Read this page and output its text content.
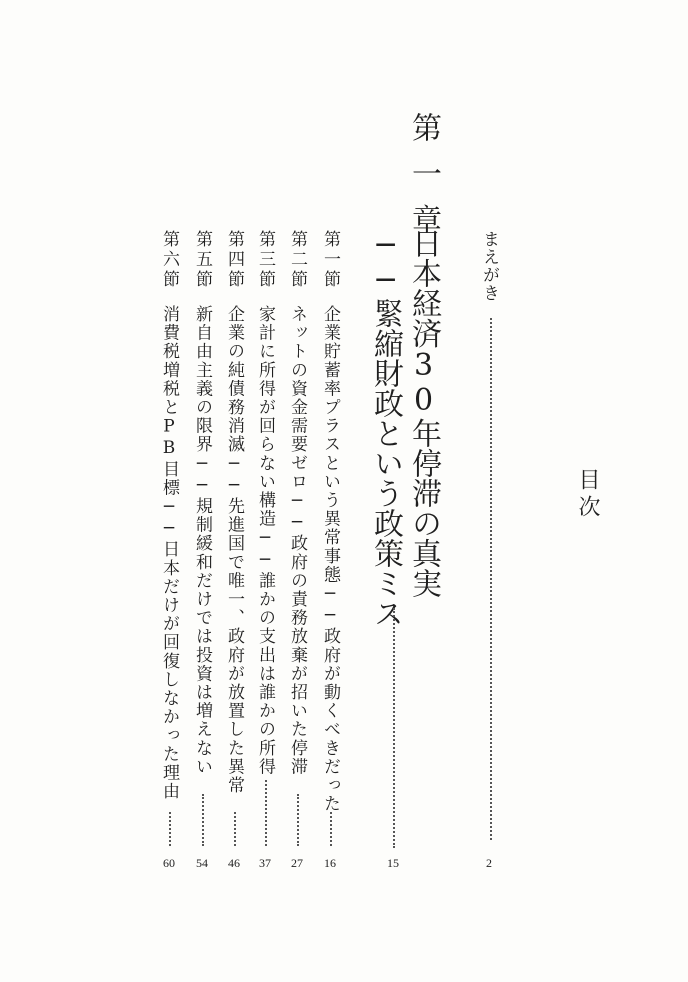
目次
まえがき
2
第一章
日本経済30年停滞の真実
──緊縮財政という政策ミス
15
第一節
企業貯蓄率プラスという異常事態──政府が動くべきだった
16
第二節
ネットの資金需要ゼロ──政府の責務放棄が招いた停滞
27
第三節
家計に所得が回らない構造──誰かの支出は誰かの所得
37
第四節
企業の純債務消滅──先進国で唯一、政府が放置した異常
46
第五節
新自由主義の限界──規制緩和だけでは投資は増えない
54
第六節
消費税増税とPB目標──日本だけが回復しなかった理由
60
